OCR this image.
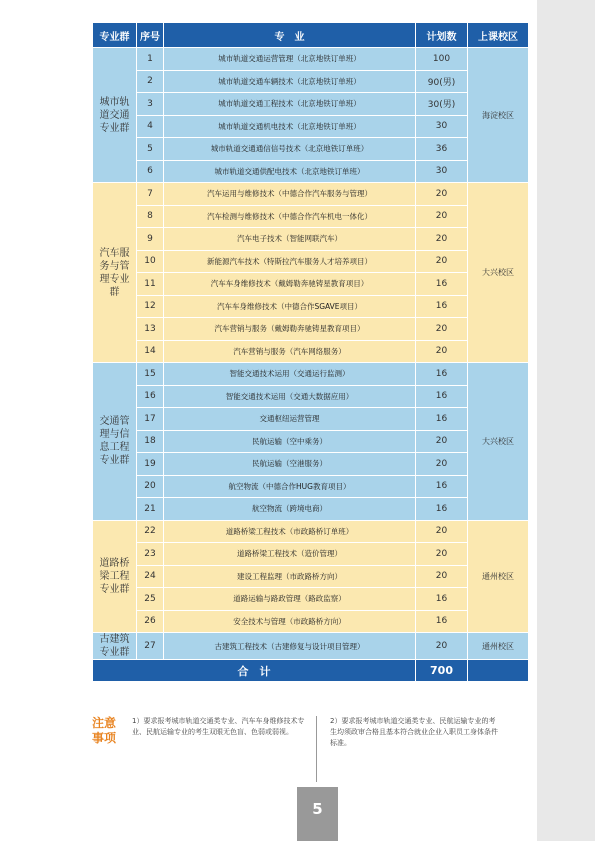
专业群	序号	专　业	计划数	上课校区
城市轨道交通专业群	1	城市轨道交通运营管理（北京地铁订单班）	100	海淀校区
	2	城市轨道交通车辆技术（北京地铁订单班）	90(男)	
	3	城市轨道交通工程技术（北京地铁订单班）	30(男)	
	4	城市轨道交通机电技术（北京地铁订单班）	30	
	5	城市轨道交通通信信号技术（北京地铁订单班）	36	
	6	城市轨道交通供配电技术（北京地铁订单班）	30	
汽车服务与管理专业群	7	汽车运用与维修技术（中德合作汽车服务与管理）	20	大兴校区
	8	汽车检测与维修技术（中德合作汽车机电一体化）	20	
	9	汽车电子技术（智能网联汽车）	20	
	10	新能源汽车技术（特斯拉汽车服务人才培养项目）	20	
	11	汽车车身维修技术（戴姆勒奔驰铸星教育项目）	16	
	12	汽车车身维修技术（中德合作SGAVE项目）	16	
	13	汽车营销与服务（戴姆勒奔驰铸星教育项目）	20	
	14	汽车营销与服务（汽车网络服务）	20	
交通管理与信息工程专业群	15	智能交通技术运用（交通运行监测）	16	大兴校区
	16	智能交通技术运用（交通大数据应用）	16	
	17	交通枢纽运营管理	16	
	18	民航运输（空中乘务）	20	
	19	民航运输（空港服务）	20	
	20	航空物流（中德合作HUG教育项目）	16	
	21	航空物流（跨境电商）	16	
道路桥梁工程专业群	22	道路桥梁工程技术（市政路桥订单班）	20	通州校区
	23	道路桥梁工程技术（造价管理）	20	
	24	建设工程监理（市政路桥方向）	20	
	25	道路运输与路政管理（路政监察）	16	
	26	安全技术与管理（市政路桥方向）	16	
古建筑专业群	27	古建筑工程技术（古建修复与设计项目管理）	20	通州校区
合　计			700	
注意事项
1）要求报考城市轨道交通类专业、汽车车身维修技术专业、民航运输专业的考生双眼无色盲、色弱或弱视。
2）要求报考城市轨道交通类专业、民航运输专业的考生均须政审合格且基本符合就业企业入职员工身体条件标准。
5
